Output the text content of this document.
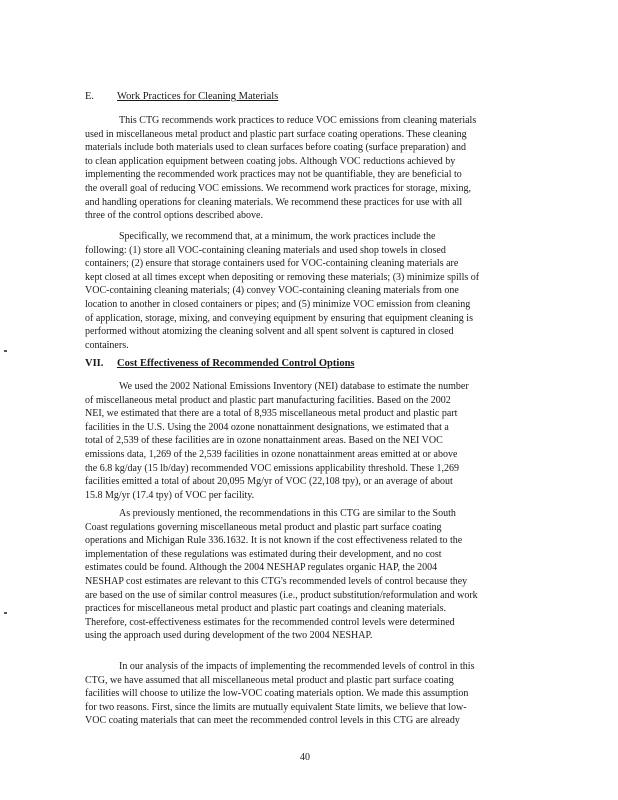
E. Work Practices for Cleaning Materials
This CTG recommends work practices to reduce VOC emissions from cleaning materials
used in miscellaneous metal product and plastic part surface coating operations. These cleaning
materials include both materials used to clean surfaces before coating (surface preparation) and
to clean application equipment between coating jobs. Although VOC reductions achieved by
implementing the recommended work practices may not be quantifiable, they are beneficial to
the overall goal of reducing VOC emissions. We recommend work practices for storage, mixing,
and handling operations for cleaning materials. We recommend these practices for use with all
three of the control options described above.
Specifically, we recommend that, at a minimum, the work practices include the
following: (1) store all VOC-containing cleaning materials and used shop towels in closed
containers; (2) ensure that storage containers used for VOC-containing cleaning materials are
kept closed at all times except when depositing or removing these materials; (3) minimize spills of
VOC-containing cleaning materials; (4) convey VOC-containing cleaning materials from one
location to another in closed containers or pipes; and (5) minimize VOC emission from cleaning
of application, storage, mixing, and conveying equipment by ensuring that equipment cleaning is
performed without atomizing the cleaning solvent and all spent solvent is captured in closed
containers.
VII. Cost Effectiveness of Recommended Control Options
We used the 2002 National Emissions Inventory (NEI) database to estimate the number
of miscellaneous metal product and plastic part manufacturing facilities. Based on the 2002
NEI, we estimated that there are a total of 8,935 miscellaneous metal product and plastic part
facilities in the U.S. Using the 2004 ozone nonattainment designations, we estimated that a
total of 2,539 of these facilities are in ozone nonattainment areas. Based on the NEI VOC
emissions data, 1,269 of the 2,539 facilities in ozone nonattainment areas emitted at or above
the 6.8 kg/day (15 lb/day) recommended VOC emissions applicability threshold. These 1,269
facilities emitted a total of about 20,095 Mg/yr of VOC (22,108 tpy), or an average of about
15.8 Mg/yr (17.4 tpy) of VOC per facility.
As previously mentioned, the recommendations in this CTG are similar to the South
Coast regulations governing miscellaneous metal product and plastic part surface coating
operations and Michigan Rule 336.1632. It is not known if the cost effectiveness related to the
implementation of these regulations was estimated during their development, and no cost
estimates could be found. Although the 2004 NESHAP regulates organic HAP, the 2004
NESHAP cost estimates are relevant to this CTG's recommended levels of control because they
are based on the use of similar control measures (i.e., product substitution/reformulation and work
practices for miscellaneous metal product and plastic part coatings and cleaning materials.
Therefore, cost-effectiveness estimates for the recommended control levels were determined
using the approach used during development of the two 2004 NESHAP.
In our analysis of the impacts of implementing the recommended levels of control in this
CTG, we have assumed that all miscellaneous metal product and plastic part surface coating
facilities will choose to utilize the low-VOC coating materials option. We made this assumption
for two reasons. First, since the limits are mutually equivalent State limits, we believe that low-
VOC coating materials that can meet the recommended control levels in this CTG are already
40
